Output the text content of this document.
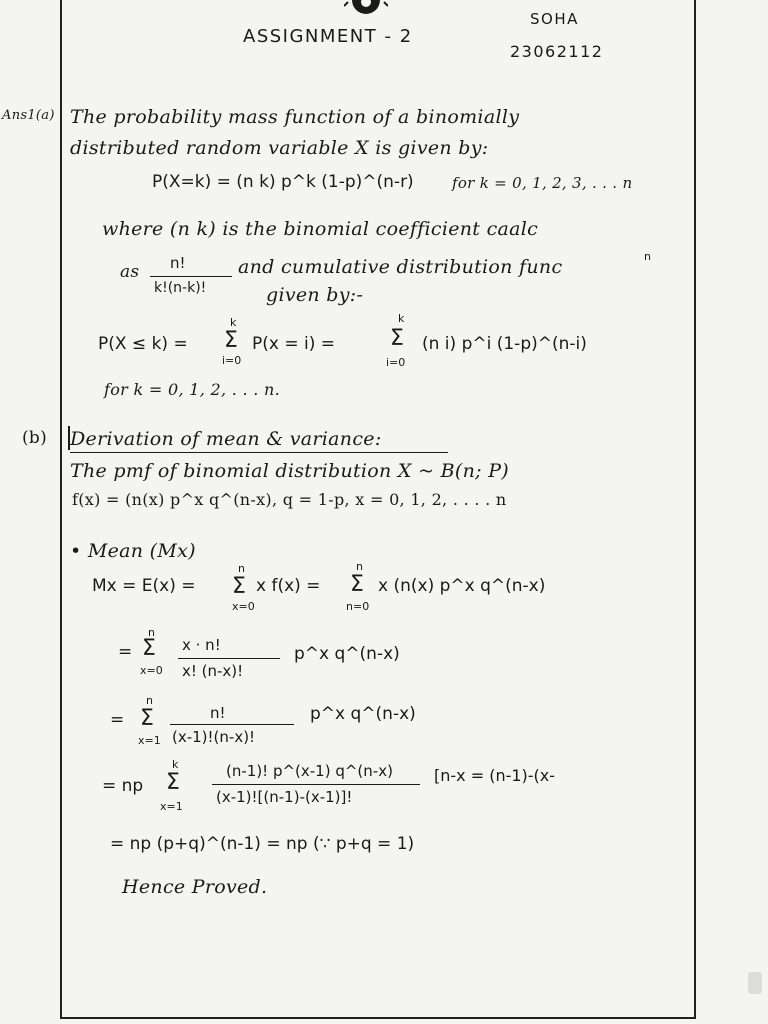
ASSIGNMENT - 2
SOHA
23062112
Ans1(a) The probability mass function of a binomially
distributed random variable X is given by:
P(X=k) = (n k) p^k (1-p)^(n-r)	for k = 0, 1, 2, 3, . . . n
where (n k) is the binomial coefficient caalc
as n!
k!(n-k)!
and cumulative distribution func	n
given by:-
P(X ≤ k) =
k
Σ
i=0
P(x = i) =
k
Σ
i=0
(n i) p^i (1-p)^(n-i)
for k = 0, 1, 2, . . . n.
(b) Derivation of mean & variance:
The pmf of binomial distribution X ~ B(n; P)
f(x) = (n(x) p^x q^(n-x), q = 1-p, x = 0, 1, 2, . . . . n
• Mean (Mx)
Mx = E(x) =
n
Σ
x=0
x f(x) =
n
Σ
n=0
x (n(x) p^x q^(n-x)
=
n
Σ
x=0
x · n!
x! (n-x)!
p^x q^(n-x)
=
n
Σ
x=1
n!
(x-1)!(n-x)!
p^x q^(n-x)
= np
k
Σ
x=1
(n-1)! p^(x-1) q^(n-x)
(x-1)![(n-1)-(x-1)]!
[n-x = (n-1)-(x-
= np (p+q)^(n-1) = np (∵ p+q = 1)
Hence Proved.
